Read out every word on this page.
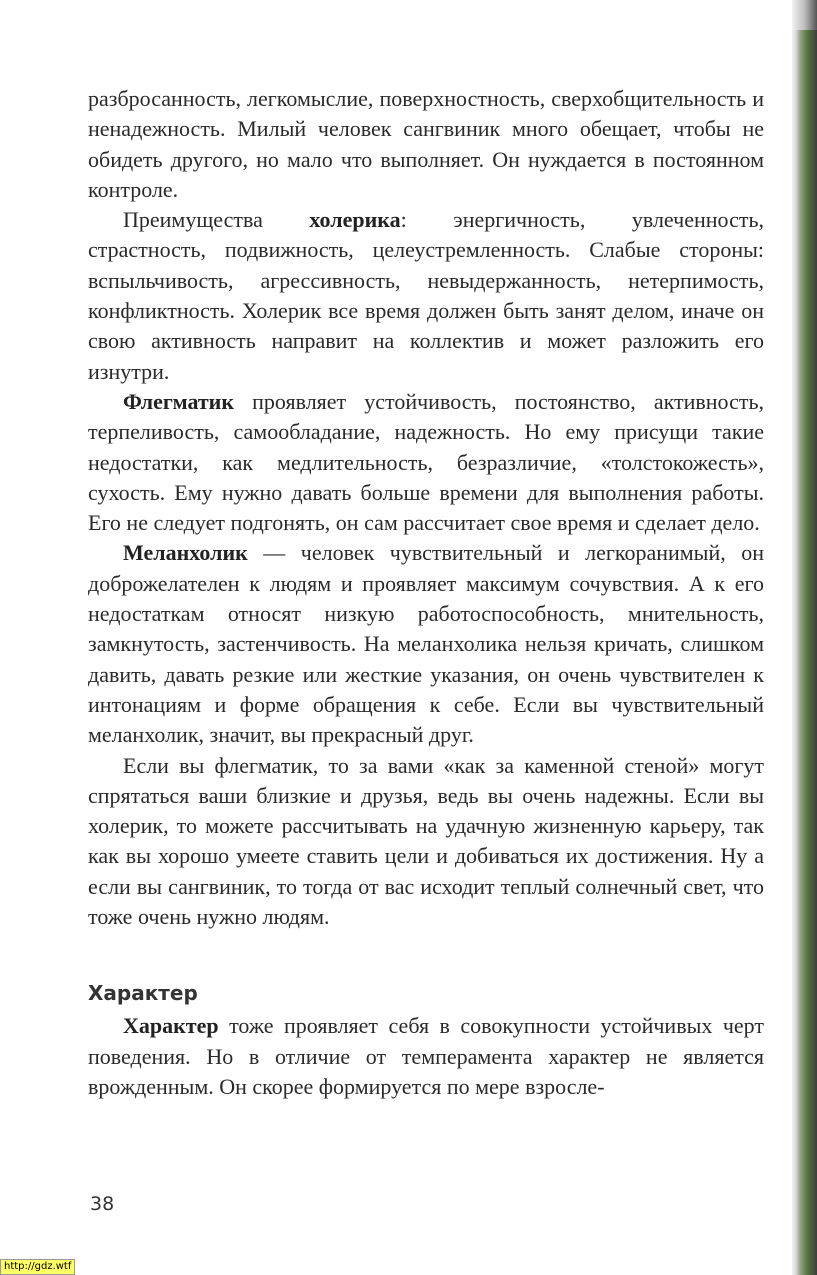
разбросанность, легкомыслие, поверхностность, сверхобщительность и ненадежность. Милый человек сангвиник много обещает, чтобы не обидеть другого, но мало что выполняет. Он нуждается в постоянном контроле.

Преимущества холерика: энергичность, увлеченность, страстность, подвижность, целеустремленность. Слабые стороны: вспыльчивость, агрессивность, невыдержанность, нетерпимость, конфликтность. Холерик все время должен быть занят делом, иначе он свою активность направит на коллектив и может разложить его изнутри.

Флегматик проявляет устойчивость, постоянство, активность, терпеливость, самообладание, надежность. Но ему присущи такие недостатки, как медлительность, безразличие, «толстокожесть», сухость. Ему нужно давать больше времени для выполнения работы. Его не следует подгонять, он сам рассчитает свое время и сделает дело.

Меланхолик — человек чувствительный и легкоранимый, он доброжелателен к людям и проявляет максимум сочувствия. А к его недостаткам относят низкую работоспособность, мнительность, замкнутость, застенчивость. На меланхолика нельзя кричать, слишком давить, давать резкие или жесткие указания, он очень чувствителен к интонациям и форме обращения к себе. Если вы чувствительный меланхолик, значит, вы прекрасный друг.

Если вы флегматик, то за вами «как за каменной стеной» могут спрятаться ваши близкие и друзья, ведь вы очень надежны. Если вы холерик, то можете рассчитывать на удачную жизненную карьеру, так как вы хорошо умеете ставить цели и добиваться их достижения. Ну а если вы сангвиник, то тогда от вас исходит теплый солнечный свет, что тоже очень нужно людям.

Характер

Характер тоже проявляет себя в совокупности устойчивых черт поведения. Но в отличие от темперамента характер не является врожденным. Он скорее формируется по мере взросле-

38
http://gdz.wtf
